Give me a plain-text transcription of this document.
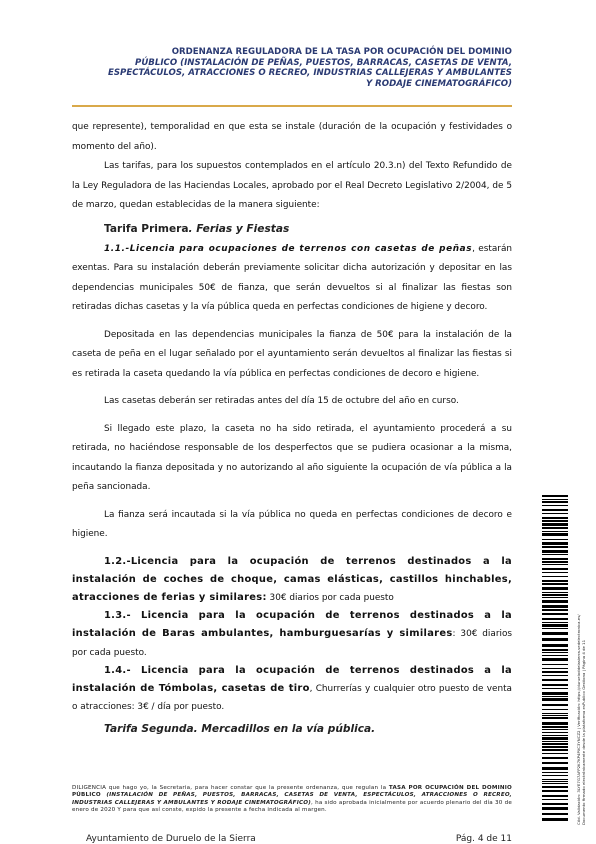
ORDENANZA REGULADORA DE LA TASA POR OCUPACIÓN DEL DOMINIO
PÚBLICO (INSTALACIÓN DE PEÑAS, PUESTOS, BARRACAS, CASETAS DE VENTA,
ESPECTÁCULOS, ATRACCIONES O RECREO, INDUSTRIAS CALLEJERAS Y AMBULANTES
Y RODAJE CINEMATOGRÁFICO)

que represente), temporalidad en que esta se instale (duración de la ocupación y festividades o momento del año).

Las tarifas, para los supuestos contemplados en el artículo 20.3.n) del Texto Refundido de la Ley Reguladora de las Haciendas Locales, aprobado por el Real Decreto Legislativo 2/2004, de 5 de marzo, quedan establecidas de la manera siguiente:

Tarifa Primera. Ferias y Fiestas

1.1.-Licencia para ocupaciones de terrenos con casetas de peñas, estarán exentas. Para su instalación deberán previamente solicitar dicha autorización y depositar en las dependencias municipales 50€ de fianza, que serán devueltos si al finalizar las fiestas son retiradas dichas casetas y la vía pública queda en perfectas condiciones de higiene y decoro.

Depositada en las dependencias municipales la fianza de 50€ para la instalación de la caseta de peña en el lugar señalado por el ayuntamiento serán devueltos al finalizar las fiestas si es retirada la caseta quedando la vía pública en perfectas condiciones de decoro e higiene.

Las casetas deberán ser retiradas antes del día 15 de octubre del año en curso.

Si llegado este plazo, la caseta no ha sido retirada, el ayuntamiento procederá a su retirada, no haciéndose responsable de los desperfectos que se pudiera ocasionar a la misma, incautando la fianza depositada y no autorizando al año siguiente la ocupación de vía pública a la peña sancionada.

La fianza será incautada si la vía pública no queda en perfectas condiciones de decoro e higiene.

1.2.-Licencia para la ocupación de terrenos destinados a la instalación de coches de choque, camas elásticas, castillos hinchables, atracciones de ferias y similares: 30€ diarios por cada puesto

1.3.- Licencia para la ocupación de terrenos destinados a la instalación de Baras ambulantes, hamburguesarías y similares: 30€ diarios por cada puesto.

1.4.- Licencia para la ocupación de terrenos destinados a la instalación de Tómbolas, casetas de tiro, Churrerías y cualquier otro puesto de venta o atracciones: 3€ / día por puesto.

Tarifa Segunda. Mercadillos en la vía pública.
DILIGENCIA que hago yo, la Secretaria, para hacer constar que la presente ordenanza, que regulan la TASA POR OCUPACIÓN DEL DOMINIO PÚBLICO (INSTALACIÓN DE PEÑAS, PUESTOS, BARRACAS, CASETAS DE VENTA, ESPECTÁCULOS, ATRACCIONES O RECREO, INDUSTRIAS CALLEJERAS Y AMBULANTES Y RODAJE CINEMATOGRÁFICO), ha sido aprobada inicialmente por acuerdo plenario del día 30 de enero de 2020 Y para que así conste, expido la presente a fecha indicada al margen.
Ayuntamiento de Duruelo de la Sierra	Pág. 4 de 11
Cód. Validación: 3LYE7G7AFP2K7KP4PXC3YNCZ2 | Verificación: https://durueloddelasierra.sedelectronica.es/ Documento firmado electrónicamente desde la plataforma esPublico Gestiona | Página 4 de 11
